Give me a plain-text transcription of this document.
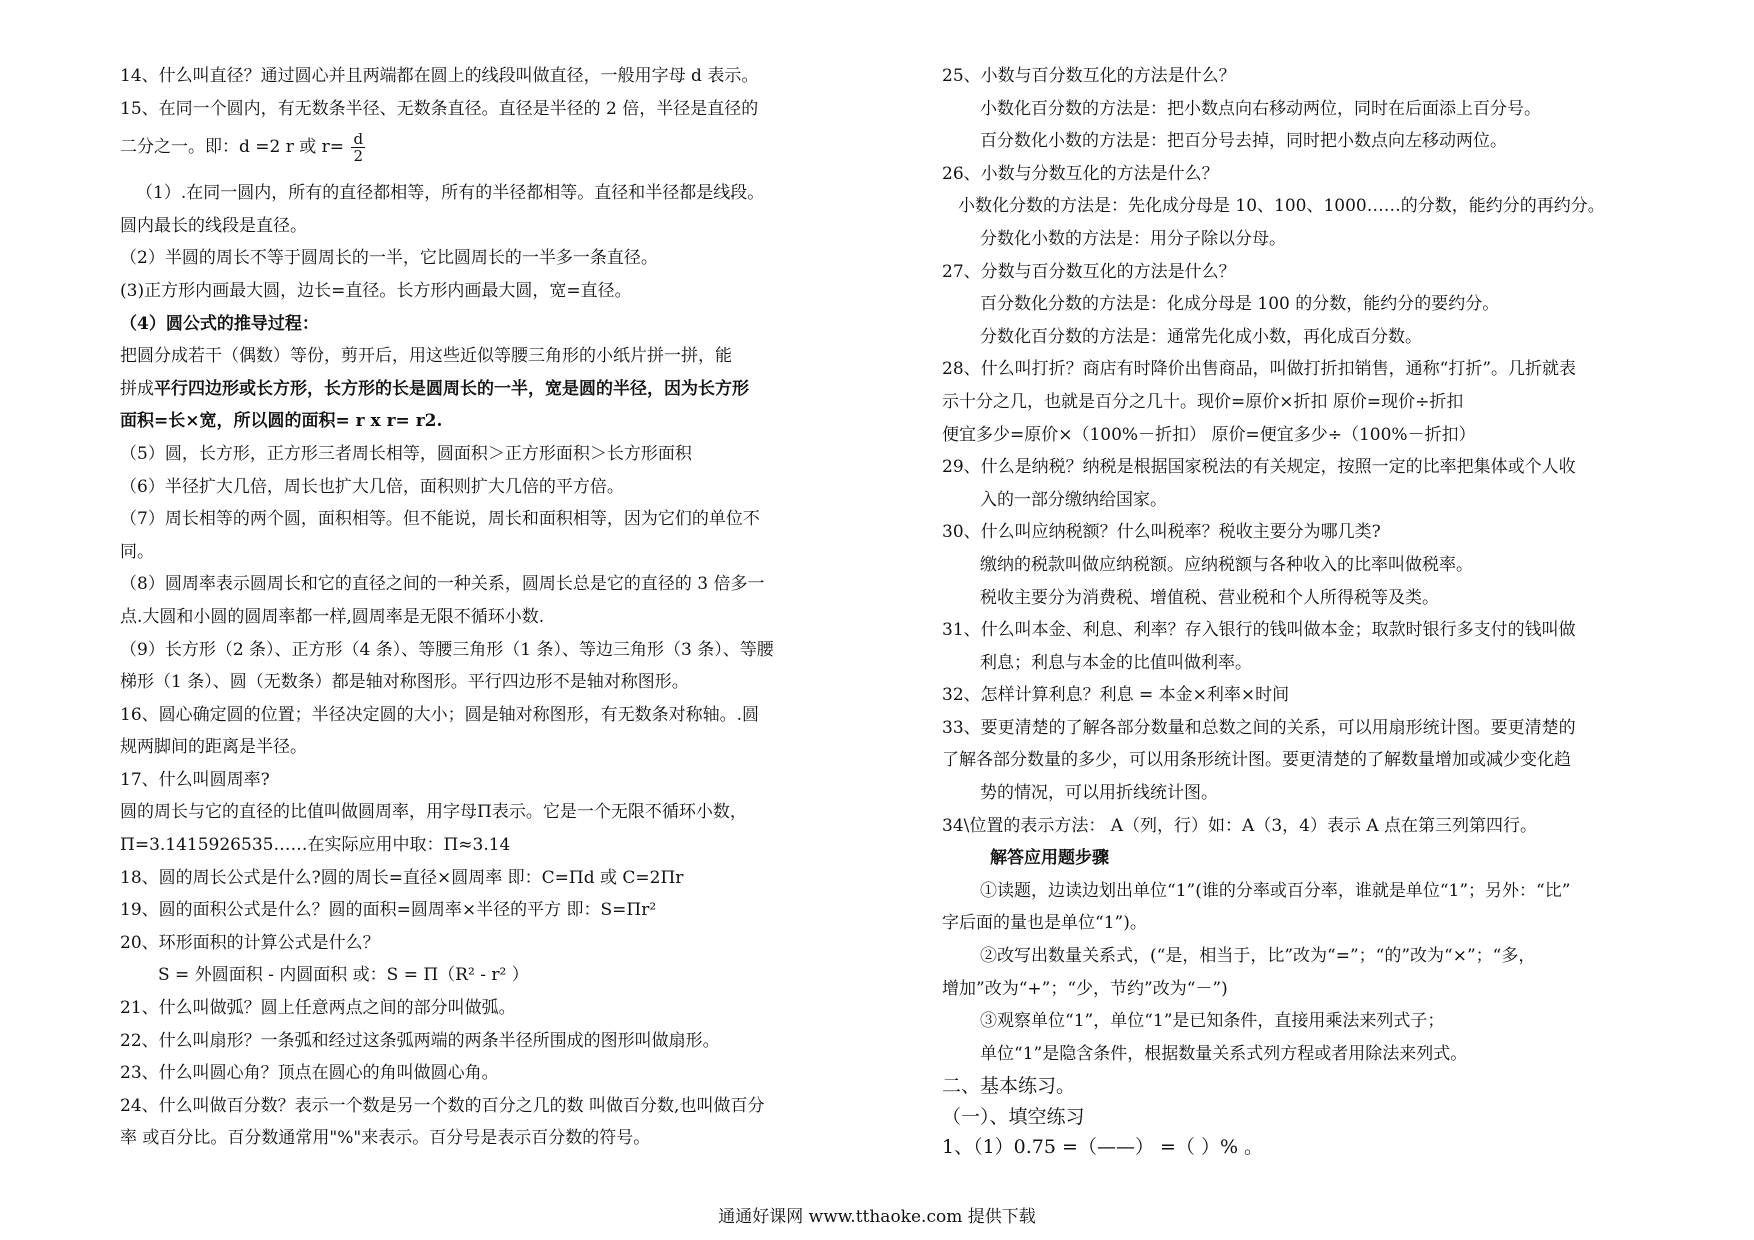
14、什么叫直径？通过圆心并且两端都在圆上的线段叫做直径，一般用字母 d 表示。
15、在同一个圆内，有无数条半径、无数条直径。直径是半径的 2 倍，半径是直径的
二分之一。即：d =2 r 或 $r= \frac{d}{2}$
（1）.在同一圆内，所有的直径都相等，所有的半径都相等。直径和半径都是线段。
圆内最长的线段是直径。
（2）半圆的周长不等于圆周长的一半，它比圆周长的一半多一条直径。
(3)正方形内画最大圆，边长=直径。长方形内画最大圆，宽=直径。
（4）圆公式的推导过程：
把圆分成若干（偶数）等份，剪开后，用这些近似等腰三角形的小纸片拼一拼，能
拼成平行四边形或长方形，长方形的长是圆周长的一半，宽是圆的半径，因为长方形
面积=长×宽，所以圆的面积= r x r= r2.
（5）圆，长方形，正方形三者周长相等，圆面积＞正方形面积＞长方形面积
（6）半径扩大几倍，周长也扩大几倍，面积则扩大几倍的平方倍。
（7）周长相等的两个圆，面积相等。但不能说，周长和面积相等，因为它们的单位不
同。
（8）圆周率表示圆周长和它的直径之间的一种关系，圆周长总是它的直径的 3 倍多一
点.大圆和小圆的圆周率都一样,圆周率是无限不循环小数.
（9）长方形（2 条）、正方形（4 条）、等腰三角形（1 条）、等边三角形（3 条）、等腰
梯形（1 条）、圆（无数条）都是轴对称图形。平行四边形不是轴对称图形。
16、圆心确定圆的位置；半径决定圆的大小；圆是轴对称图形，有无数条对称轴。.圆
规两脚间的距离是半径。
17、什么叫圆周率?
圆的周长与它的直径的比值叫做圆周率，用字母Π表示。它是一个无限不循环小数，
Π=3.1415926535……在实际应用中取：Π≈3.14
18、圆的周长公式是什么?圆的周长=直径×圆周率 即：C=Πd 或 C=2Πr
19、圆的面积公式是什么？圆的面积=圆周率×半径的平方 即：S=Πr²
20、环形面积的计算公式是什么？
S = 外圆面积 - 内圆面积 或：S = Π（R² - r² ）
21、什么叫做弧？圆上任意两点之间的部分叫做弧。
22、什么叫扇形？一条弧和经过这条弧两端的两条半径所围成的图形叫做扇形。
23、什么叫圆心角？顶点在圆心的角叫做圆心角。
24、什么叫做百分数？表示一个数是另一个数的百分之几的数 叫做百分数,也叫做百分
率 或百分比。百分数通常用"%"来表示。百分号是表示百分数的符号。
25、小数与百分数互化的方法是什么？
小数化百分数的方法是：把小数点向右移动两位，同时在后面添上百分号。
百分数化小数的方法是：把百分号去掉，同时把小数点向左移动两位。
26、小数与分数互化的方法是什么？
小数化分数的方法是：先化成分母是 10、100、1000……的分数，能约分的再约分。
分数化小数的方法是：用分子除以分母。
27、分数与百分数互化的方法是什么？
百分数化分数的方法是：化成分母是 100 的分数，能约分的要约分。
分数化百分数的方法是：通常先化成小数，再化成百分数。
28、什么叫打折？商店有时降价出售商品，叫做打折扣销售，通称“打折”。几折就表
示十分之几，也就是百分之几十。现价=原价×折扣 原价=现价÷折扣
便宜多少=原价×（100%－折扣） 原价=便宜多少÷（100%－折扣）
29、什么是纳税？纳税是根据国家税法的有关规定，按照一定的比率把集体或个人收
入的一部分缴纳给国家。
30、什么叫应纳税额？什么叫税率？税收主要分为哪几类?
缴纳的税款叫做应纳税额。应纳税额与各种收入的比率叫做税率。
税收主要分为消费税、增值税、营业税和个人所得税等及类。
31、什么叫本金、利息、利率？存入银行的钱叫做本金；取款时银行多支付的钱叫做
利息；利息与本金的比值叫做利率。
32、怎样计算利息？利息 = 本金×利率×时间
33、要更清楚的了解各部分数量和总数之间的关系，可以用扇形统计图。要更清楚的
了解各部分数量的多少，可以用条形统计图。要更清楚的了解数量增加或减少变化趋
势的情况，可以用折线统计图。
34\位置的表示方法： A（列，行）如：A（3，4）表示 A 点在第三列第四行。
解答应用题步骤
①读题，边读边划出单位“1”(谁的分率或百分率，谁就是单位“1”；另外：“比”
字后面的量也是单位“1”)。
②改写出数量关系式，(“是，相当于，比”改为“=”；“的”改为“×”；“多，
增加”改为“+”；“少，节约”改为“－”)
③观察单位“1”，单位“1”是已知条件，直接用乘法来列式子；
单位“1”是隐含条件，根据数量关系式列方程或者用除法来列式。
二、基本练习。
（一）、填空练习
1、（1）0.75 =（——） =（ ）% 。
通通好课网 www.tthaoke.com 提供下载
